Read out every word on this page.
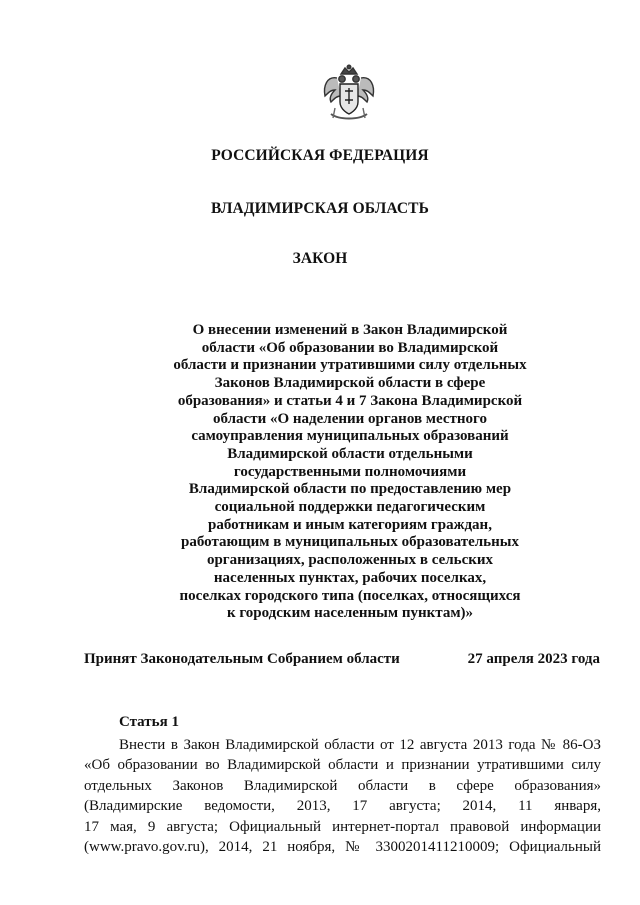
РОССИЙСКАЯ ФЕДЕРАЦИЯ
ВЛАДИМИРСКАЯ ОБЛАСТЬ
ЗАКОН
О внесении изменений в Закон Владимирской
области «Об образовании во Владимирской
области и признании утратившими силу отдельных
Законов Владимирской области в сфере
образования» и статьи 4 и 7 Закона Владимирской
области «О наделении органов местного
самоуправления муниципальных образований
Владимирской области отдельными
государственными полномочиями
Владимирской области по предоставлению мер
социальной поддержки педагогическим
работникам и иным категориям граждан,
работающим в муниципальных образовательных
организациях, расположенных в сельских
населенных пунктах, рабочих поселках,
поселках городского типа (поселках, относящихся
к городским населенным пунктам)»
Принят Законодательным Собранием области	27 апреля 2023 года
Статья 1
Внести в Закон Владимирской области от 12 августа 2013 года № 86-ОЗ
«Об образовании во Владимирской области и признании утратившими силу
отдельных Законов Владимирской области в сфере образования»
(Владимирские ведомости, 2013, 17 августа; 2014, 11 января,
17 мая, 9 августа; Официальный интернет-портал правовой информации
(www.pravo.gov.ru), 2014, 21 ноября, № 3300201411210009; Официальный
